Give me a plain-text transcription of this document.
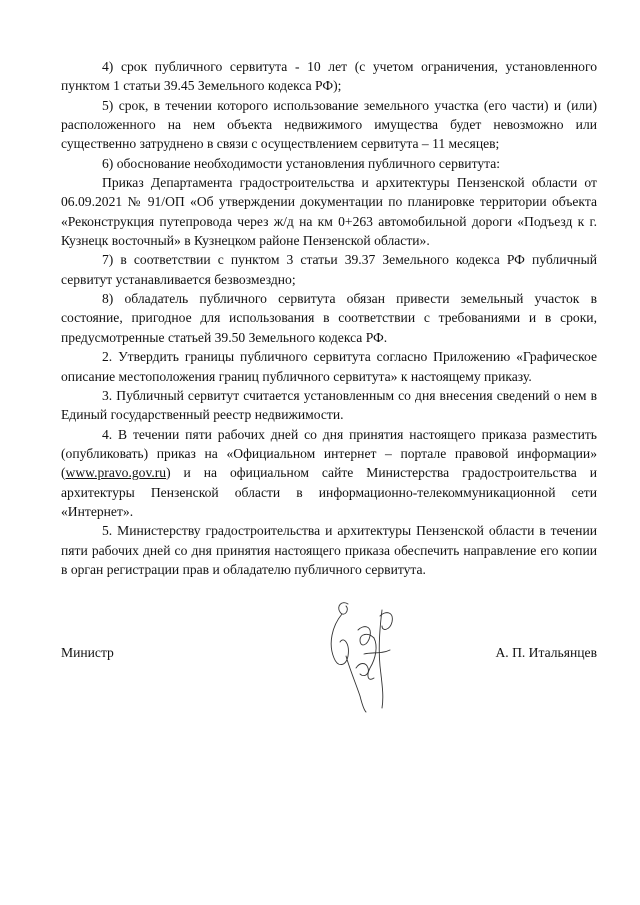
4) срок публичного сервитута - 10 лет (с учетом ограничения, установленного пунктом 1 статьи 39.45 Земельного кодекса РФ);

5) срок, в течении которого использование земельного участка (его части) и (или) расположенного на нем объекта недвижимого имущества будет невозможно или существенно затруднено в связи с осуществлением сервитута – 11 месяцев;

6) обоснование необходимости установления публичного сервитута:

Приказ Департамента градостроительства и архитектуры Пензенской области от 06.09.2021 № 91/ОП «Об утверждении документации по планировке территории объекта «Реконструкция путепровода через ж/д на км 0+263 автомобильной дороги «Подъезд к г. Кузнецк восточный» в Кузнецком районе Пензенской области».

7) в соответствии с пунктом 3 статьи 39.37 Земельного кодекса РФ публичный сервитут устанавливается безвозмездно;

8) обладатель публичного сервитута обязан привести земельный участок в состояние, пригодное для использования в соответствии с требованиями и в сроки, предусмотренные статьей 39.50 Земельного кодекса РФ.

2. Утвердить границы публичного сервитута согласно Приложению «Графическое описание местоположения границ публичного сервитута» к настоящему приказу.

3. Публичный сервитут считается установленным со дня внесения сведений о нем в Единый государственный реестр недвижимости.

4. В течении пяти рабочих дней со дня принятия настоящего приказа разместить (опубликовать) приказ на «Официальном интернет – портале правовой информации» (www.pravo.gov.ru) и на официальном сайте Министерства градостроительства и архитектуры Пензенской области в информационно-телекоммуникационной сети «Интернет».

5. Министерству градостроительства и архитектуры Пензенской области в течении пяти рабочих дней со дня принятия настоящего приказа обеспечить направление его копии в орган регистрации прав и обладателю публичного сервитута.

Министр	А. П. Итальянцев
